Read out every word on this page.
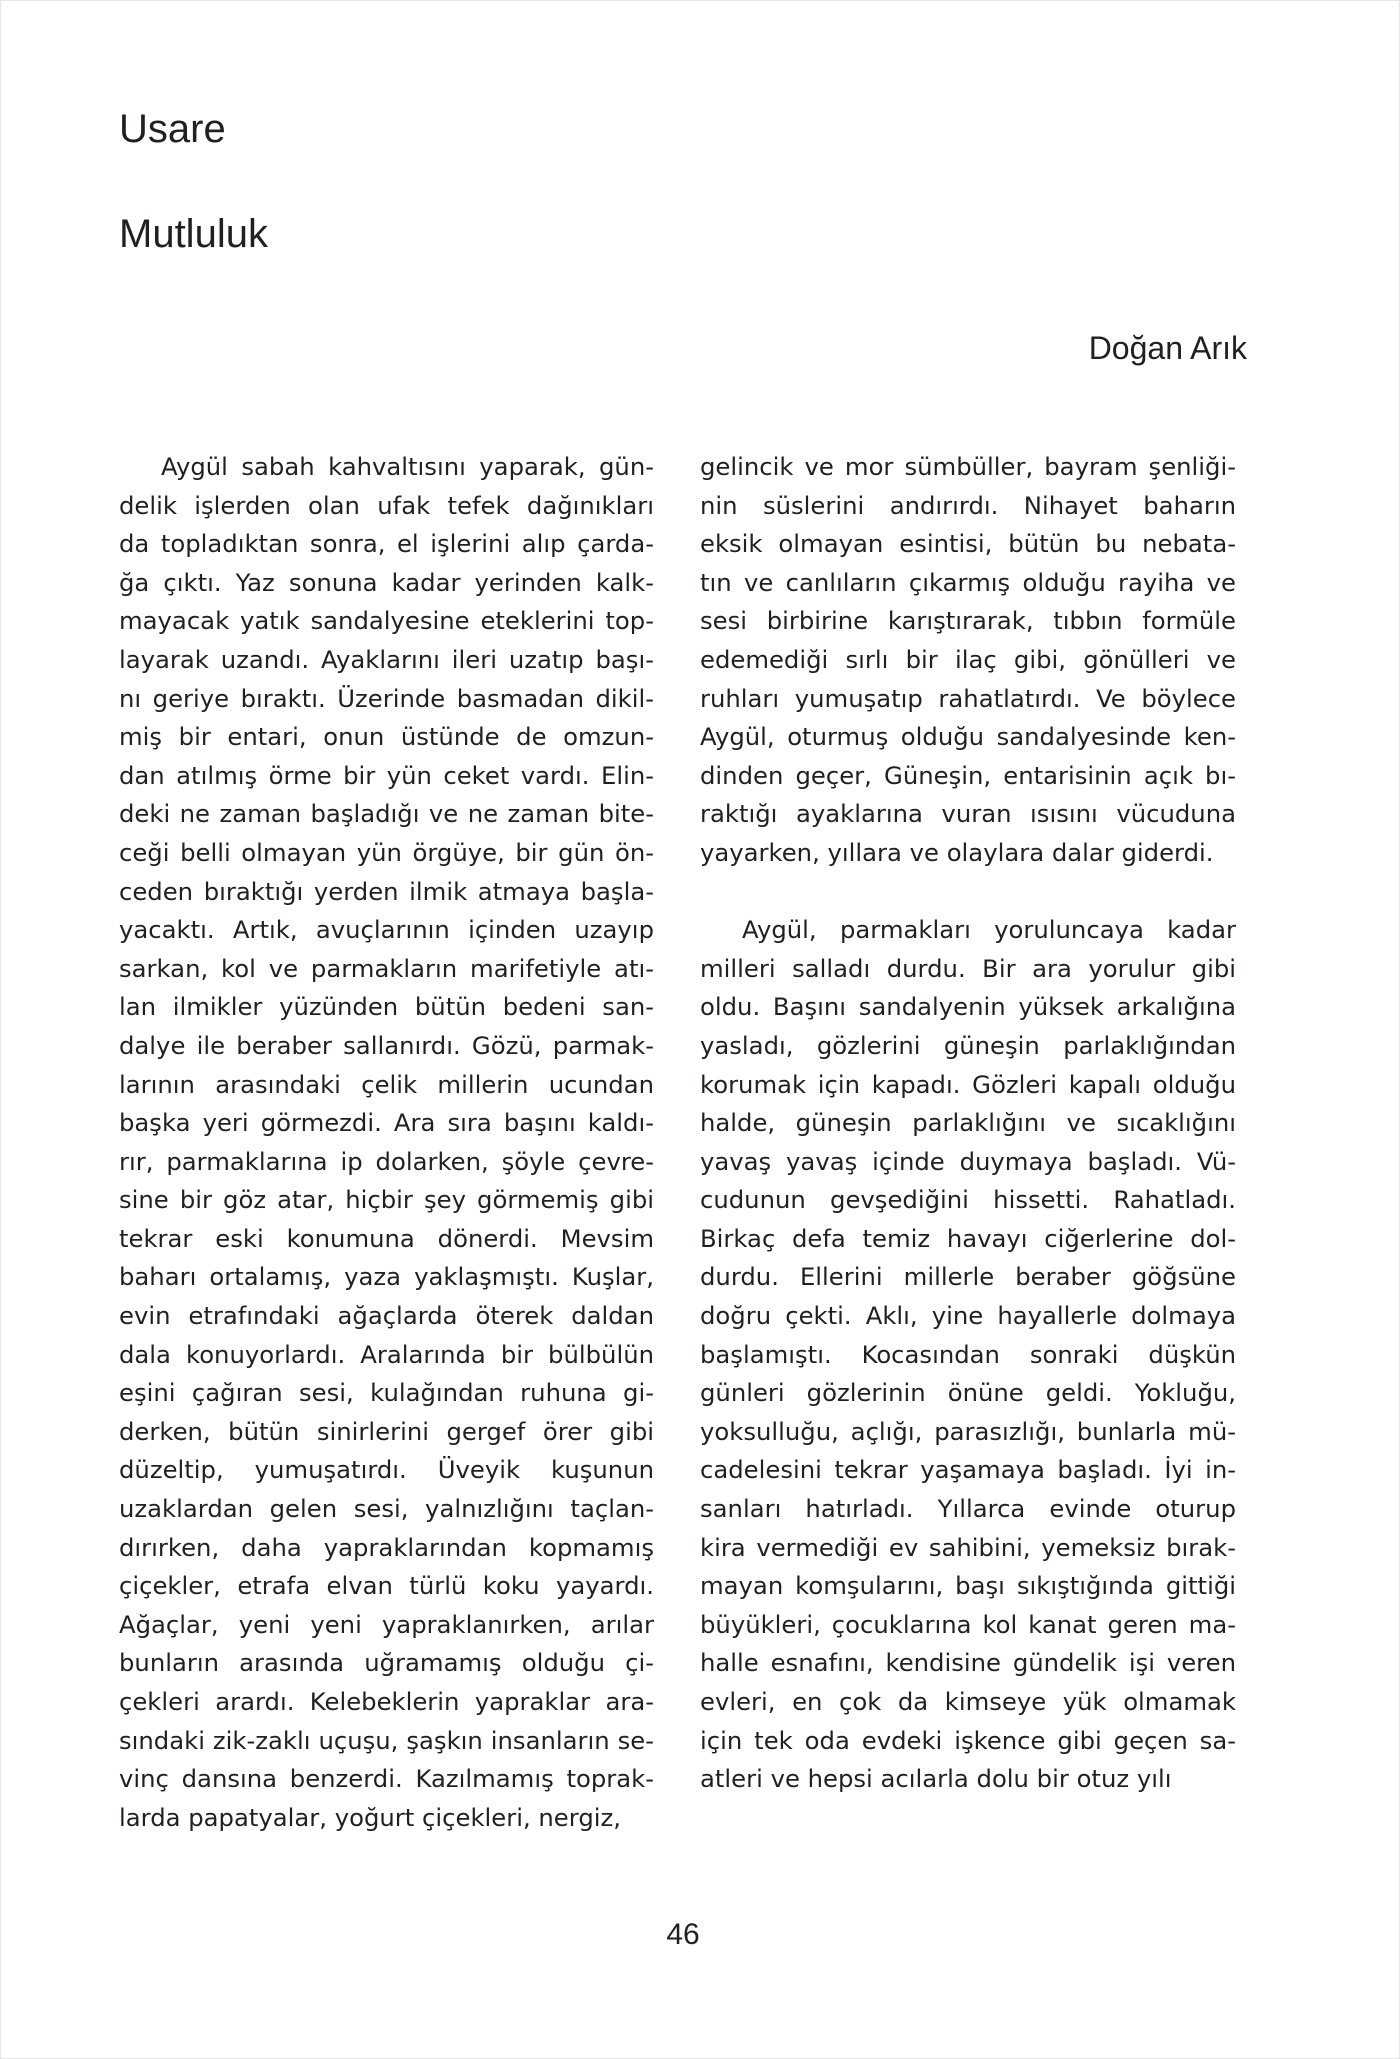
Usare
Mutluluk
Doğan Arık
Aygül sabah kahvaltısını yaparak, gün-
delik işlerden olan ufak tefek dağınıkları
da topladıktan sonra, el işlerini alıp çarda-
ğa çıktı. Yaz sonuna kadar yerinden kalk-
mayacak yatık sandalyesine eteklerini top-
layarak uzandı. Ayaklarını ileri uzatıp başı-
nı geriye bıraktı. Üzerinde basmadan dikil-
miş bir entari, onun üstünde de omzun-
dan atılmış örme bir yün ceket vardı. Elin-
deki ne zaman başladığı ve ne zaman bite-
ceği belli olmayan yün örgüye, bir gün ön-
ceden bıraktığı yerden ilmik atmaya başla-
yacaktı. Artık, avuçlarının içinden uzayıp
sarkan, kol ve parmakların marifetiyle atı-
lan ilmikler yüzünden bütün bedeni san-
dalye ile beraber sallanırdı. Gözü, parmak-
larının arasındaki çelik millerin ucundan
başka yeri görmezdi. Ara sıra başını kaldı-
rır, parmaklarına ip dolarken, şöyle çevre-
sine bir göz atar, hiçbir şey görmemiş gibi
tekrar eski konumuna dönerdi. Mevsim
baharı ortalamış, yaza yaklaşmıştı. Kuşlar,
evin etrafındaki ağaçlarda öterek daldan
dala konuyorlardı. Aralarında bir bülbülün
eşini çağıran sesi, kulağından ruhuna gi-
derken, bütün sinirlerini gergef örer gibi
düzeltip, yumuşatırdı. Üveyik kuşunun
uzaklardan gelen sesi, yalnızlığını taçlan-
dırırken, daha yapraklarından kopmamış
çiçekler, etrafa elvan türlü koku yayardı.
Ağaçlar, yeni yeni yapraklanırken, arılar
bunların arasında uğramamış olduğu çi-
çekleri arardı. Kelebeklerin yapraklar ara-
sındaki zik-zaklı uçuşu, şaşkın insanların se-
vinç dansına benzerdi. Kazılmamış toprak-
larda papatyalar, yoğurt çiçekleri, nergiz,
gelincik ve mor sümbüller, bayram şenliği-
nin süslerini andırırdı. Nihayet baharın
eksik olmayan esintisi, bütün bu nebata-
tın ve canlıların çıkarmış olduğu rayiha ve
sesi birbirine karıştırarak, tıbbın formüle
edemediği sırlı bir ilaç gibi, gönülleri ve
ruhları yumuşatıp rahatlatırdı. Ve böylece
Aygül, oturmuş olduğu sandalyesinde ken-
dinden geçer, Güneşin, entarisinin açık bı-
raktığı ayaklarına vuran ısısını vücuduna
yayarken, yıllara ve olaylara dalar giderdi.
Aygül, parmakları yoruluncaya kadar
milleri salladı durdu. Bir ara yorulur gibi
oldu. Başını sandalyenin yüksek arkalığına
yasladı, gözlerini güneşin parlaklığından
korumak için kapadı. Gözleri kapalı olduğu
halde, güneşin parlaklığını ve sıcaklığını
yavaş yavaş içinde duymaya başladı. Vü-
cudunun gevşediğini hissetti. Rahatladı.
Birkaç defa temiz havayı ciğerlerine dol-
durdu. Ellerini millerle beraber göğsüne
doğru çekti. Aklı, yine hayallerle dolmaya
başlamıştı. Kocasından sonraki düşkün
günleri gözlerinin önüne geldi. Yokluğu,
yoksulluğu, açlığı, parasızlığı, bunlarla mü-
cadelesini tekrar yaşamaya başladı. İyi in-
sanları hatırladı. Yıllarca evinde oturup
kira vermediği ev sahibini, yemeksiz bırak-
mayan komşularını, başı sıkıştığında gittiği
büyükleri, çocuklarına kol kanat geren ma-
halle esnafını, kendisine gündelik işi veren
evleri, en çok da kimseye yük olmamak
için tek oda evdeki işkence gibi geçen sa-
atleri ve hepsi acılarla dolu bir otuz yılı
46
